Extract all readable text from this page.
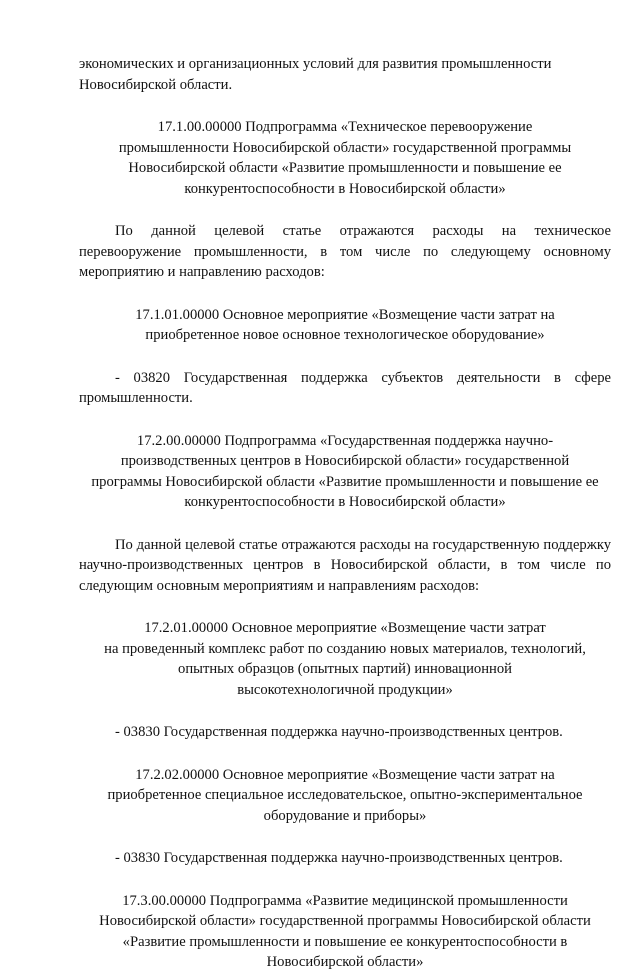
экономических и организационных условий для развития промышленности
Новосибирской области.
17.1.00.00000 Подпрограмма «Техническое перевооружение
промышленности Новосибирской области» государственной программы
Новосибирской области «Развитие промышленности и повышение ее
конкурентоспособности в Новосибирской области»
По данной целевой статье отражаются расходы на техническое перевооружение промышленности, в том числе по следующему основному мероприятию и направлению расходов:
17.1.01.00000 Основное мероприятие «Возмещение части затрат на
приобретенное новое основное технологическое оборудование»
- 03820 Государственная поддержка субъектов деятельности в сфере промышленности.
17.2.00.00000 Подпрограмма «Государственная поддержка научно-
производственных центров в Новосибирской области» государственной
программы Новосибирской области «Развитие промышленности и повышение ее
конкурентоспособности в Новосибирской области»
По данной целевой статье отражаются расходы на государственную поддержку научно-производственных центров в Новосибирской области, в том числе по следующим основным мероприятиям и направлениям расходов:
17.2.01.00000 Основное мероприятие «Возмещение части затрат
на проведенный комплекс работ по созданию новых материалов, технологий,
опытных образцов (опытных партий) инновационной
высокотехнологичной продукции»
- 03830 Государственная поддержка научно-производственных центров.
17.2.02.00000 Основное мероприятие «Возмещение части затрат на
приобретенное специальное исследовательское, опытно-экспериментальное
оборудование и приборы»
- 03830 Государственная поддержка научно-производственных центров.
17.3.00.00000 Подпрограмма «Развитие медицинской промышленности
Новосибирской области» государственной программы Новосибирской области
«Развитие промышленности и повышение ее конкурентоспособности в
Новосибирской области»
